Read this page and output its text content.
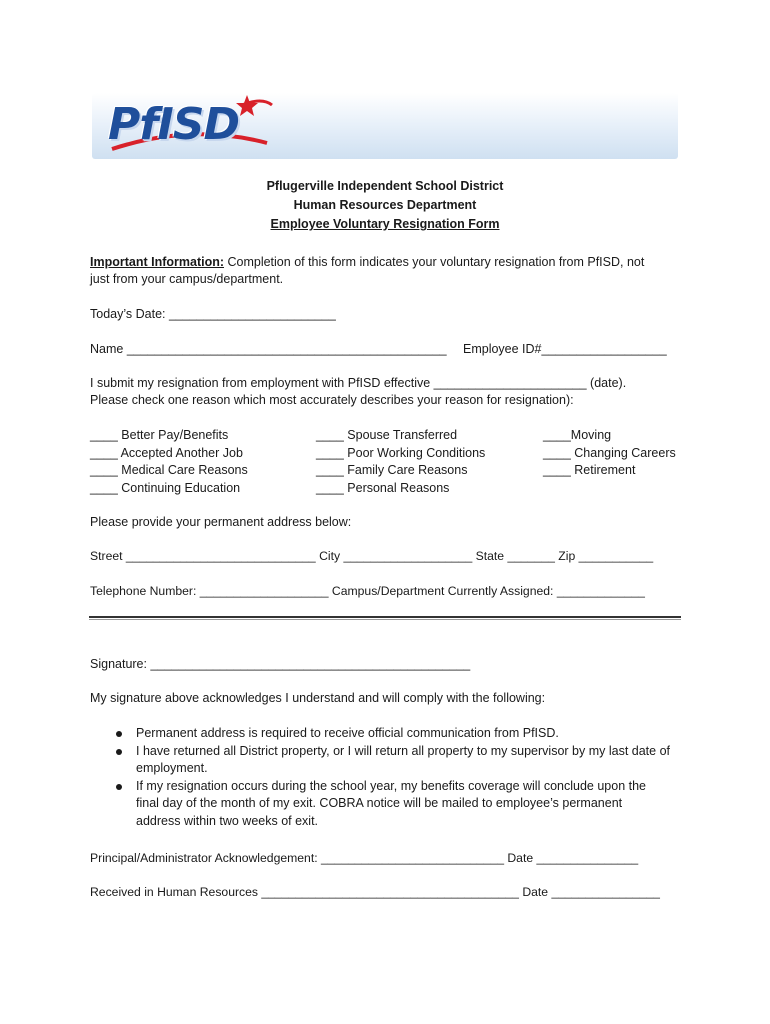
PfISD
Pflugerville Independent School District
Human Resources Department
Employee Voluntary Resignation Form
Important Information: Completion of this form indicates your voluntary resignation from PfISD, not
just from your campus/department.
Today’s Date: ________________________
Name ______________________________________________ Employee ID#__________________
I submit my resignation from employment with PfISD effective ______________________ (date).
Please check one reason which most accurately describes your reason for resignation):
____ Better Pay/Benefits
____ Accepted Another Job
____ Medical Care Reasons
____ Continuing Education
____ Spouse Transferred
____ Poor Working Conditions
____ Family Care Reasons
____ Personal Reasons
____Moving
____ Changing Careers
____ Retirement
Please provide your permanent address below:
Street ____________________________ City ___________________ State _______ Zip ___________
Telephone Number: ___________________ Campus/Department Currently Assigned: _____________
Signature: ______________________________________________
My signature above acknowledges I understand and will comply with the following:
Permanent address is required to receive official communication from PfISD.
I have returned all District property, or I will return all property to my supervisor by my last date of employment.
If my resignation occurs during the school year, my benefits coverage will conclude upon the final day of the month of my exit. COBRA notice will be mailed to employee’s permanent address within two weeks of exit.
Principal/Administrator Acknowledgement: ___________________________ Date _______________
Received in Human Resources ______________________________________ Date ________________
